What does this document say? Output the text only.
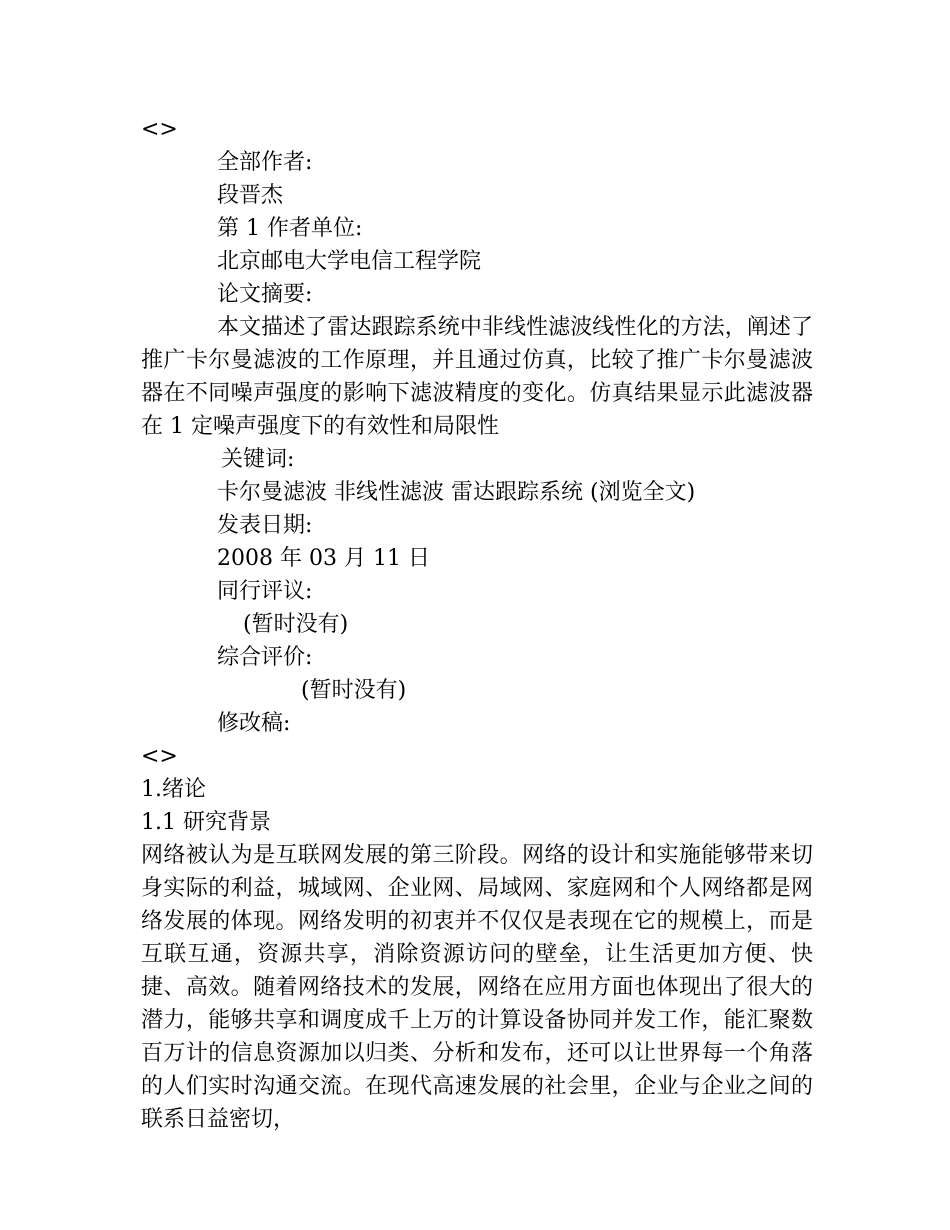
<>
全部作者:
段晋杰
第 1 作者单位:
北京邮电大学电信工程学院
论文摘要:
本文描述了雷达跟踪系统中非线性滤波线性化的方法，阐述了推广卡尔曼滤波的工作原理，并且通过仿真，比较了推广卡尔曼滤波器在不同噪声强度的影响下滤波精度的变化。仿真结果显示此滤波器在 1 定噪声强度下的有效性和局限性
关键词:
卡尔曼滤波 非线性滤波 雷达跟踪系统 (浏览全文)
发表日期:
2008 年 03 月 11 日
同行评议:
(暂时没有)
综合评价:
(暂时没有)
修改稿:
<>
1.绪论
1.1 研究背景
网络被认为是互联网发展的第三阶段。网络的设计和实施能够带来切身实际的利益，城域网、企业网、局域网、家庭网和个人网络都是网络发展的体现。网络发明的初衷并不仅仅是表现在它的规模上，而是互联互通，资源共享，消除资源访问的壁垒，让生活更加方便、快捷、高效。随着网络技术的发展，网络在应用方面也体现出了很大的潜力，能够共享和调度成千上万的计算设备协同并发工作，能汇聚数百万计的信息资源加以归类、分析和发布，还可以让世界每一个角落的人们实时沟通交流。在现代高速发展的社会里，企业与企业之间的联系日益密切，
